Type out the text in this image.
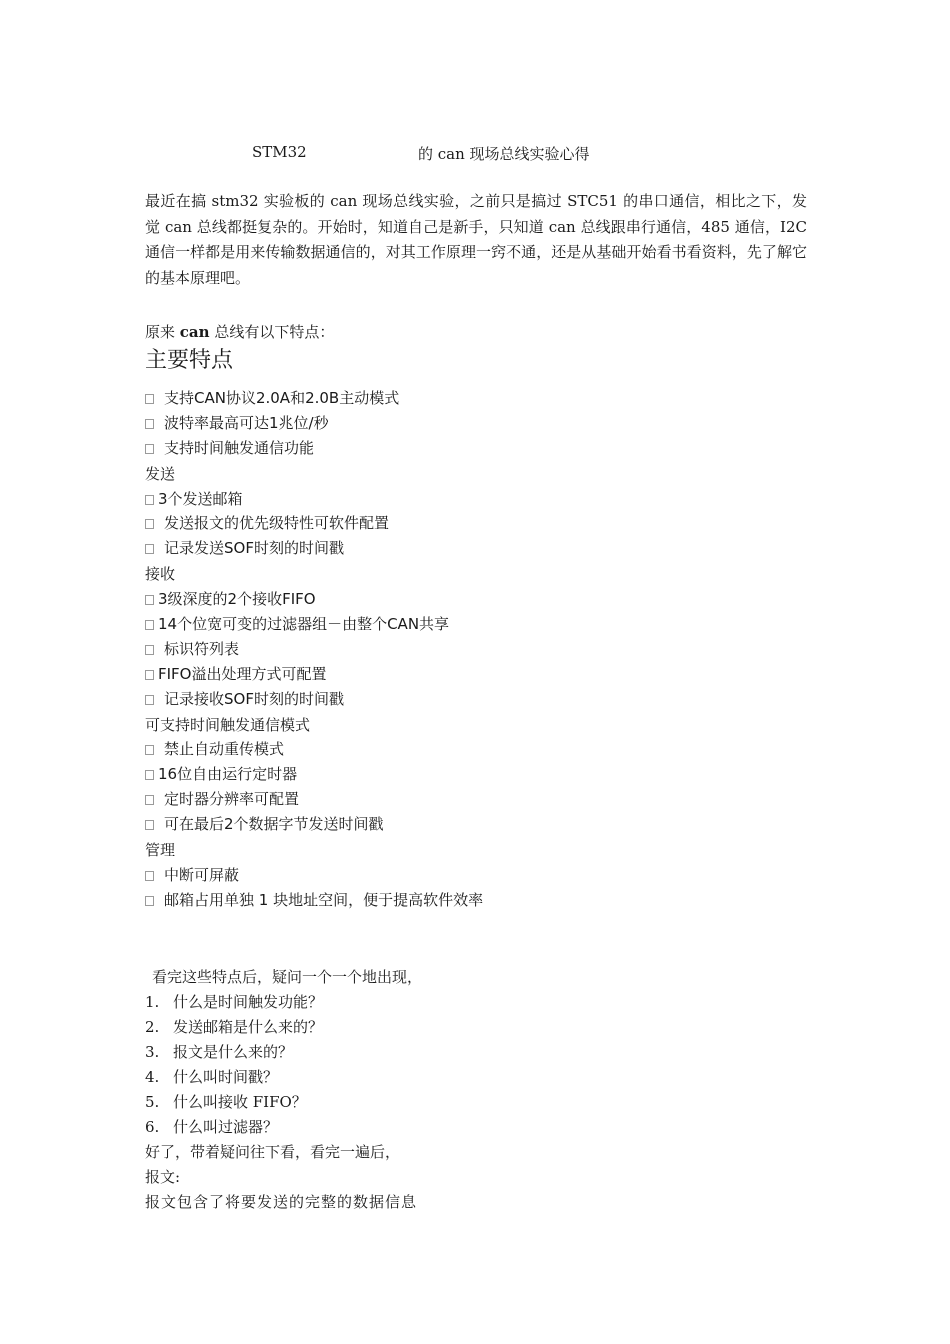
STM32	的 can 现场总线实验心得

最近在搞 stm32 实验板的 can 现场总线实验，之前只是搞过 STC51 的串口通信，相比之下，发觉 can 总线都挺复杂的。开始时，知道自己是新手，只知道 can 总线跟串行通信，485 通信，I2C 通信一样都是用来传输数据通信的，对其工作原理一窍不通，还是从基础开始看书看资料，先了解它的基本原理吧。

原来 can 总线有以下特点：
主要特点
支持CAN协议2.0A和2.0B主动模式
波特率最高可达1兆位/秒
支持时间触发通信功能
发送
3个发送邮箱
发送报文的优先级特性可软件配置
记录发送SOF时刻的时间戳
接收
3级深度的2个接收FIFO
14个位宽可变的过滤器组－由整个CAN共享
标识符列表
FIFO溢出处理方式可配置
记录接收SOF时刻的时间戳
可支持时间触发通信模式
禁止自动重传模式
16位自由运行定时器
定时器分辨率可配置
可在最后2个数据字节发送时间戳
管理
中断可屏蔽
邮箱占用单独 1 块地址空间，便于提高软件效率
看完这些特点后，疑问一个一个地出现，
1. 什么是时间触发功能？
2. 发送邮箱是什么来的？
3. 报文是什么来的？
4. 什么叫时间戳？
5. 什么叫接收 FIFO？
6. 什么叫过滤器？
好了，带着疑问往下看，看完一遍后，
报文:
报文包含了将要发送的完整的数据信息
